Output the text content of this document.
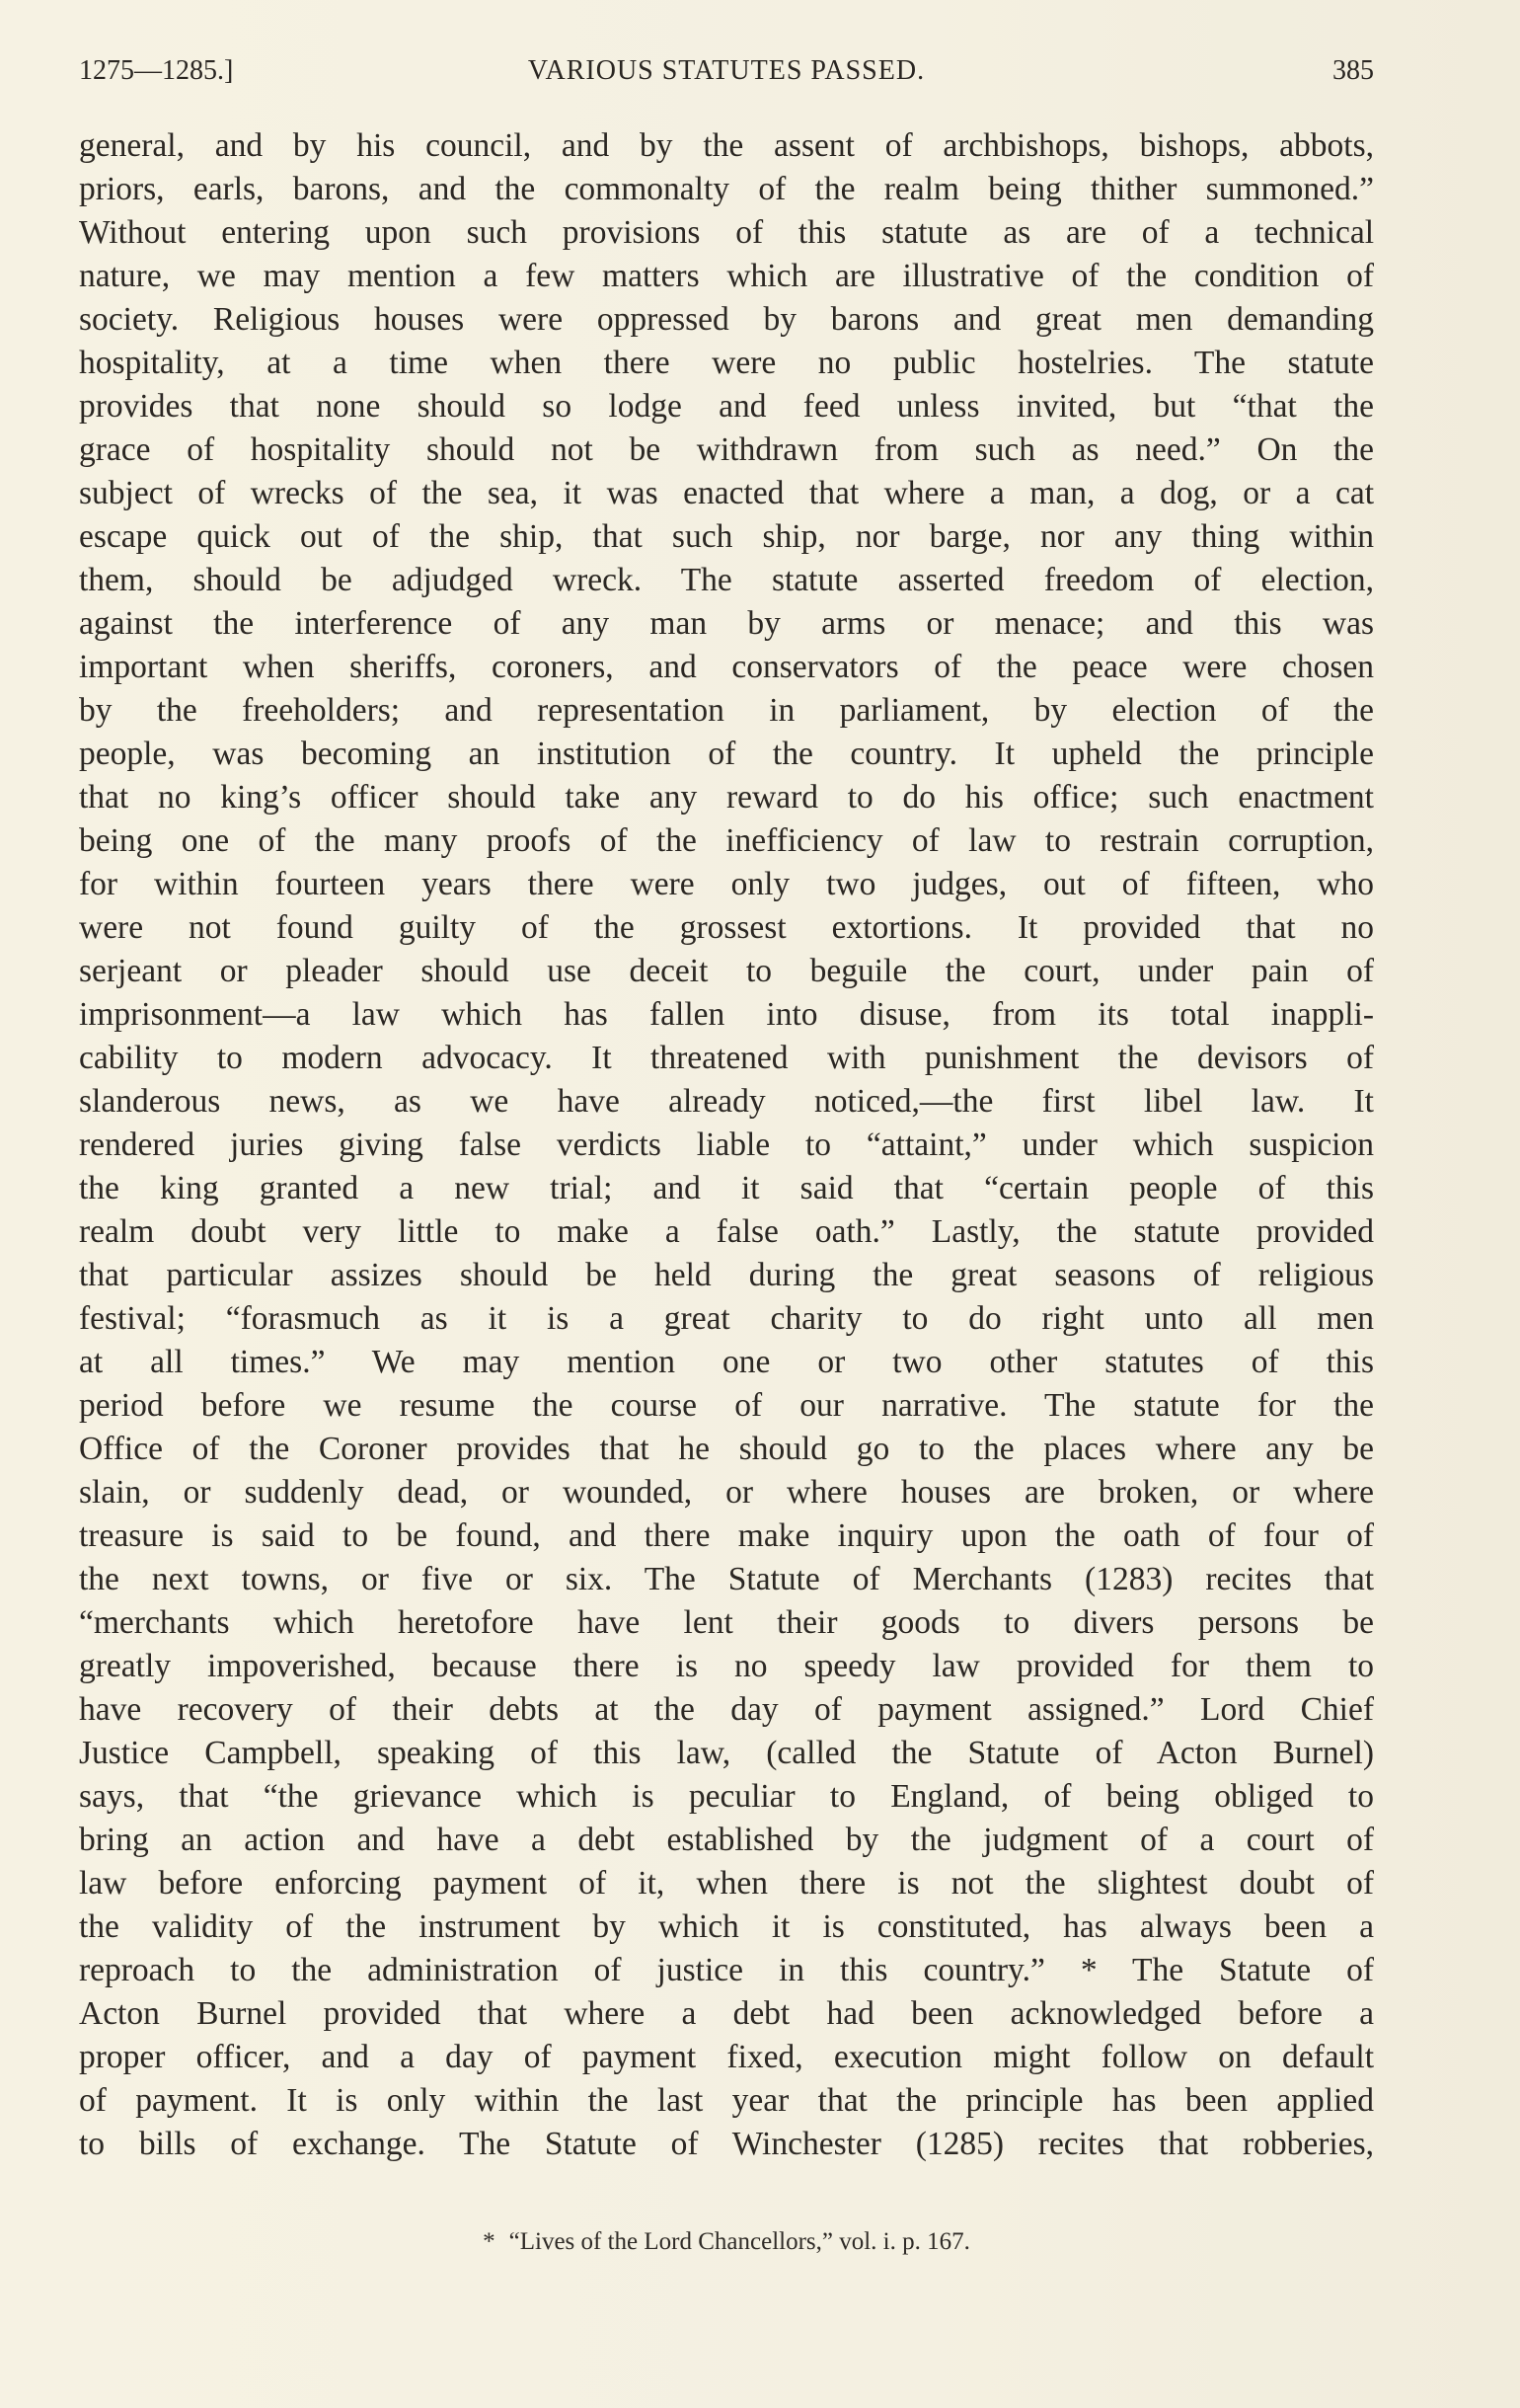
1275—1285.]	VARIOUS STATUTES PASSED.	385
general, and by his council, and by the assent of archbishops, bishops, abbots,
priors, earls, barons, and the commonalty of the realm being thither summoned.”
Without entering upon such provisions of this statute as are of a technical
nature, we may mention a few matters which are illustrative of the condition of
society. Religious houses were oppressed by barons and great men demanding
hospitality, at a time when there were no public hostelries. The statute
provides that none should so lodge and feed unless invited, but “that the
grace of hospitality should not be withdrawn from such as need.” On the
subject of wrecks of the sea, it was enacted that where a man, a dog, or a cat
escape quick out of the ship, that such ship, nor barge, nor any thing within
them, should be adjudged wreck. The statute asserted freedom of election,
against the interference of any man by arms or menace; and this was
important when sheriffs, coroners, and conservators of the peace were chosen
by the freeholders; and representation in parliament, by election of the
people, was becoming an institution of the country. It upheld the principle
that no king’s officer should take any reward to do his office; such enactment
being one of the many proofs of the inefficiency of law to restrain corruption,
for within fourteen years there were only two judges, out of fifteen, who
were not found guilty of the grossest extortions. It provided that no
serjeant or pleader should use deceit to beguile the court, under pain of
imprisonment—a law which has fallen into disuse, from its total inappli-
cability to modern advocacy. It threatened with punishment the devisors of
slanderous news, as we have already noticed,—the first libel law. It
rendered juries giving false verdicts liable to “attaint,” under which suspicion
the king granted a new trial; and it said that “certain people of this
realm doubt very little to make a false oath.” Lastly, the statute provided
that particular assizes should be held during the great seasons of religious
festival; “forasmuch as it is a great charity to do right unto all men
at all times.” We may mention one or two other statutes of this
period before we resume the course of our narrative. The statute for the
Office of the Coroner provides that he should go to the places where any be
slain, or suddenly dead, or wounded, or where houses are broken, or where
treasure is said to be found, and there make inquiry upon the oath of four of
the next towns, or five or six. The Statute of Merchants (1283) recites that
“merchants which heretofore have lent their goods to divers persons be
greatly impoverished, because there is no speedy law provided for them to
have recovery of their debts at the day of payment assigned.” Lord Chief
Justice Campbell, speaking of this law, (called the Statute of Acton Burnel)
says, that “the grievance which is peculiar to England, of being obliged to
bring an action and have a debt established by the judgment of a court of
law before enforcing payment of it, when there is not the slightest doubt of
the validity of the instrument by which it is constituted, has always been a
reproach to the administration of justice in this country.” * The Statute of
Acton Burnel provided that where a debt had been acknowledged before a
proper officer, and a day of payment fixed, execution might follow on default
of payment. It is only within the last year that the principle has been applied
to bills of exchange. The Statute of Winchester (1285) recites that robberies,
* “Lives of the Lord Chancellors,” vol. i. p. 167.
